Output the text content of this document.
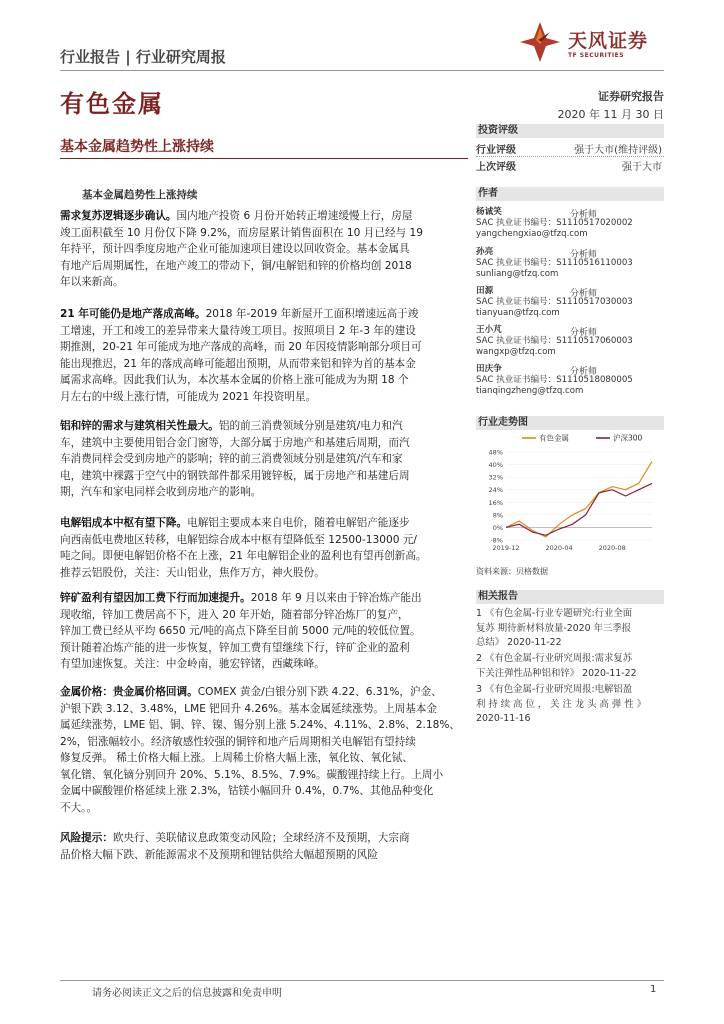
行业报告 | 行业研究周报
天风证券
TF SECURITIES
有色金属	证券研究报告
2020 年 11 月 30 日
基本金属趋势性上涨持续
投资评级
行业评级	强于大市(维持评级)
上次评级	强于大市
作者
杨诚笑	分析师
SAC 执业证书编号：S1110517020002
yangchengxiao@tfzq.com
孙亮	分析师
SAC 执业证书编号：S1110516110003
sunliang@tfzq.com
田源	分析师
SAC 执业证书编号：S1110517030003
tianyuan@tfzq.com
王小芃	分析师
SAC 执业证书编号：S1110517060003
wangxp@tfzq.com
田庆争	分析师
SAC 执业证书编号：S1110518080005
tianqingzheng@tfzq.com
行业走势图
-8%
0%
8%
16%
24%
32%
40%
48%
2019-12	2020-04	2020-08
有色金属	沪深300
资料来源：贝格数据
相关报告
1 《有色金属-行业专题研究:行业全面
复苏 期待新材料放量-2020 年三季报
总结》 2020-11-22
2 《有色金属-行业研究周报:需求复苏
下关注弹性品种铝和锌》 2020-11-22
3 《有色金属-行业研究周报:电解铝盈
利 持 续 高 位 ， 关 注 龙 头 高 弹 性 》
2020-11-16
基本金属趋势性上涨持续
需求复苏逻辑逐步确认。国内地产投资 6 月份开始转正增速缓慢上行，房屋
竣工面积截至 10 月份仅下降 9.2%，而房屋累计销售面积在 10 月已经与 19
年持平，预计四季度房地产企业可能加速项目建设以回收资金。基本金属具
有地产后周期属性，在地产竣工的带动下，铜/电解铝和锌的价格均创 2018
年以来新高。
21 年可能仍是地产落成高峰。2018 年-2019 年新屋开工面积增速远高于竣
工增速，开工和竣工的差异带来大量待竣工项目。按照项目 2 年-3 年的建设
期推测，20-21 年可能成为地产落成的高峰，而 20 年因疫情影响部分项目可
能出现推迟，21 年的落成高峰可能超出预期，从而带来铝和锌为首的基本金
属需求高峰。因此我们认为，本次基本金属的价格上涨可能成为为期 18 个
月左右的中级上涨行情，可能成为 2021 年投资明星。
铝和锌的需求与建筑相关性最大。铝的前三消费领域分别是建筑/电力和汽
车，建筑中主要使用铝合金门窗等，大部分属于房地产和基建后周期，而汽
车消费同样会受到房地产的影响；锌的前三消费领域分别是建筑/汽车和家
电，建筑中裸露于空气中的钢铁部件都采用镀锌板，属于房地产和基建后周
期，汽车和家电同样会收到房地产的影响。
电解铝成本中枢有望下降。电解铝主要成本来自电价，随着电解铝产能逐步
向西南低电费地区转移，电解铝综合成本中枢有望降低至 12500-13000 元/
吨之间。即便电解铝价格不在上涨，21 年电解铝企业的盈利也有望再创新高。
推荐云铝股份，关注：天山铝业，焦作万方，神火股份。
锌矿盈利有望因加工费下行而加速提升。2018 年 9 月以来由于锌冶炼产能出
现收缩，锌加工费居高不下，进入 20 年开始，随着部分锌冶炼厂的复产，
锌加工费已经从平均 6650 元/吨的高点下降至目前 5000 元/吨的较低位置。
预计随着冶炼产能的进一步恢复，锌加工费有望继续下行，锌矿企业的盈利
有望加速恢复。关注：中金岭南，驰宏锌锗，西藏珠峰。
金属价格：贵金属价格回调。COMEX 黄金/白银分别下跌 4.22、6.31%，沪金、
沪银下跌 3.12、3.48%，LME 钯回升 4.26%。基本金属延续涨势。上周基本金
属延续涨势，LME 铝、铜、锌、镍、锡分别上涨 5.24%、4.11%、2.8%、2.18%、
2%，铝涨幅较小。经济敏感性较强的铜锌和地产后周期相关电解铝有望持续
修复反弹。 稀土价格大幅上涨。上周稀土价格大幅上涨，氧化钕、氧化铽、
氧化镨、氧化镝分别回升 20%、5.1%、8.5%、7.9%。碳酸锂持续上行。上周小
金属中碳酸锂价格延续上涨 2.3%，钴镁小幅回升 0.4%，0.7%、其他品种变化
不大。。
风险提示：欧央行、美联储议息政策变动风险；全球经济不及预期，大宗商
品价格大幅下跌、新能源需求不及预期和锂钴供给大幅超预期的风险
请务必阅读正文之后的信息披露和免责申明	1
